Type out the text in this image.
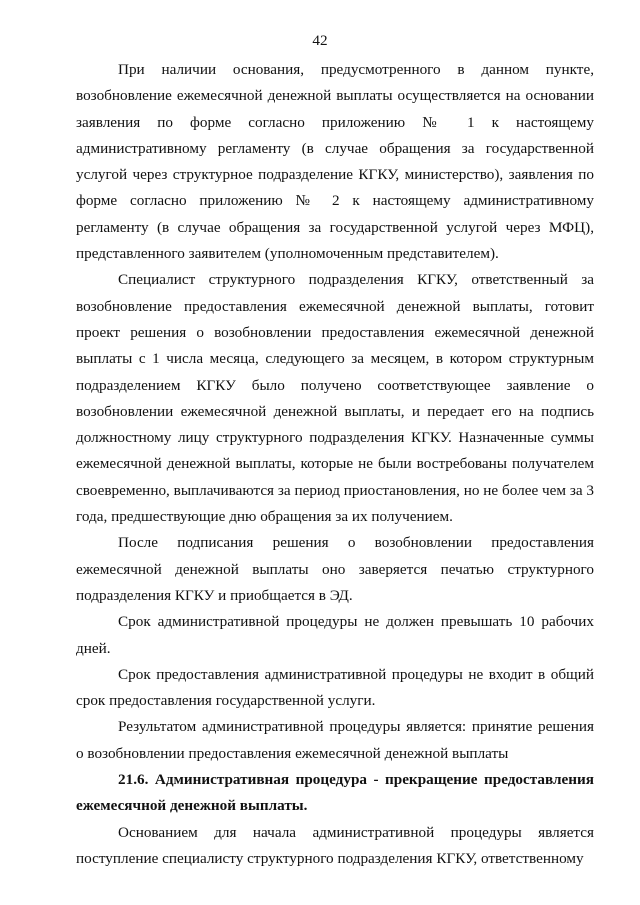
42

При наличии основания, предусмотренного в данном пункте, возобновление ежемесячной денежной выплаты осуществляется на основании заявления по форме согласно приложению № 1 к настоящему административному регламенту (в случае обращения за государственной услугой через структурное подразделение КГКУ, министерство), заявления по форме согласно приложению № 2 к настоящему административному регламенту (в случае обращения за государственной услугой через МФЦ), представленного заявителем (уполномоченным представителем).

Специалист структурного подразделения КГКУ, ответственный за возобновление предоставления ежемесячной денежной выплаты, готовит проект решения о возобновлении предоставления ежемесячной денежной выплаты с 1 числа месяца, следующего за месяцем, в котором структурным подразделением КГКУ было получено соответствующее заявление о возобновлении ежемесячной денежной выплаты, и передает его на подпись должностному лицу структурного подразделения КГКУ. Назначенные суммы ежемесячной денежной выплаты, которые не были востребованы получателем своевременно, выплачиваются за период приостановления, но не более чем за 3 года, предшествующие дню обращения за их получением.

После подписания решения о возобновлении предоставления ежемесячной денежной выплаты оно заверяется печатью структурного подразделения КГКУ и приобщается в ЭД.

Срок административной процедуры не должен превышать 10 рабочих дней.

Срок предоставления административной процедуры не входит в общий срок предоставления государственной услуги.

Результатом административной процедуры является: принятие решения о возобновлении предоставления ежемесячной денежной выплаты

21.6. Административная процедура - прекращение предоставления ежемесячной денежной выплаты.

Основанием для начала административной процедуры является поступление специалисту структурного подразделения КГКУ, ответственному
